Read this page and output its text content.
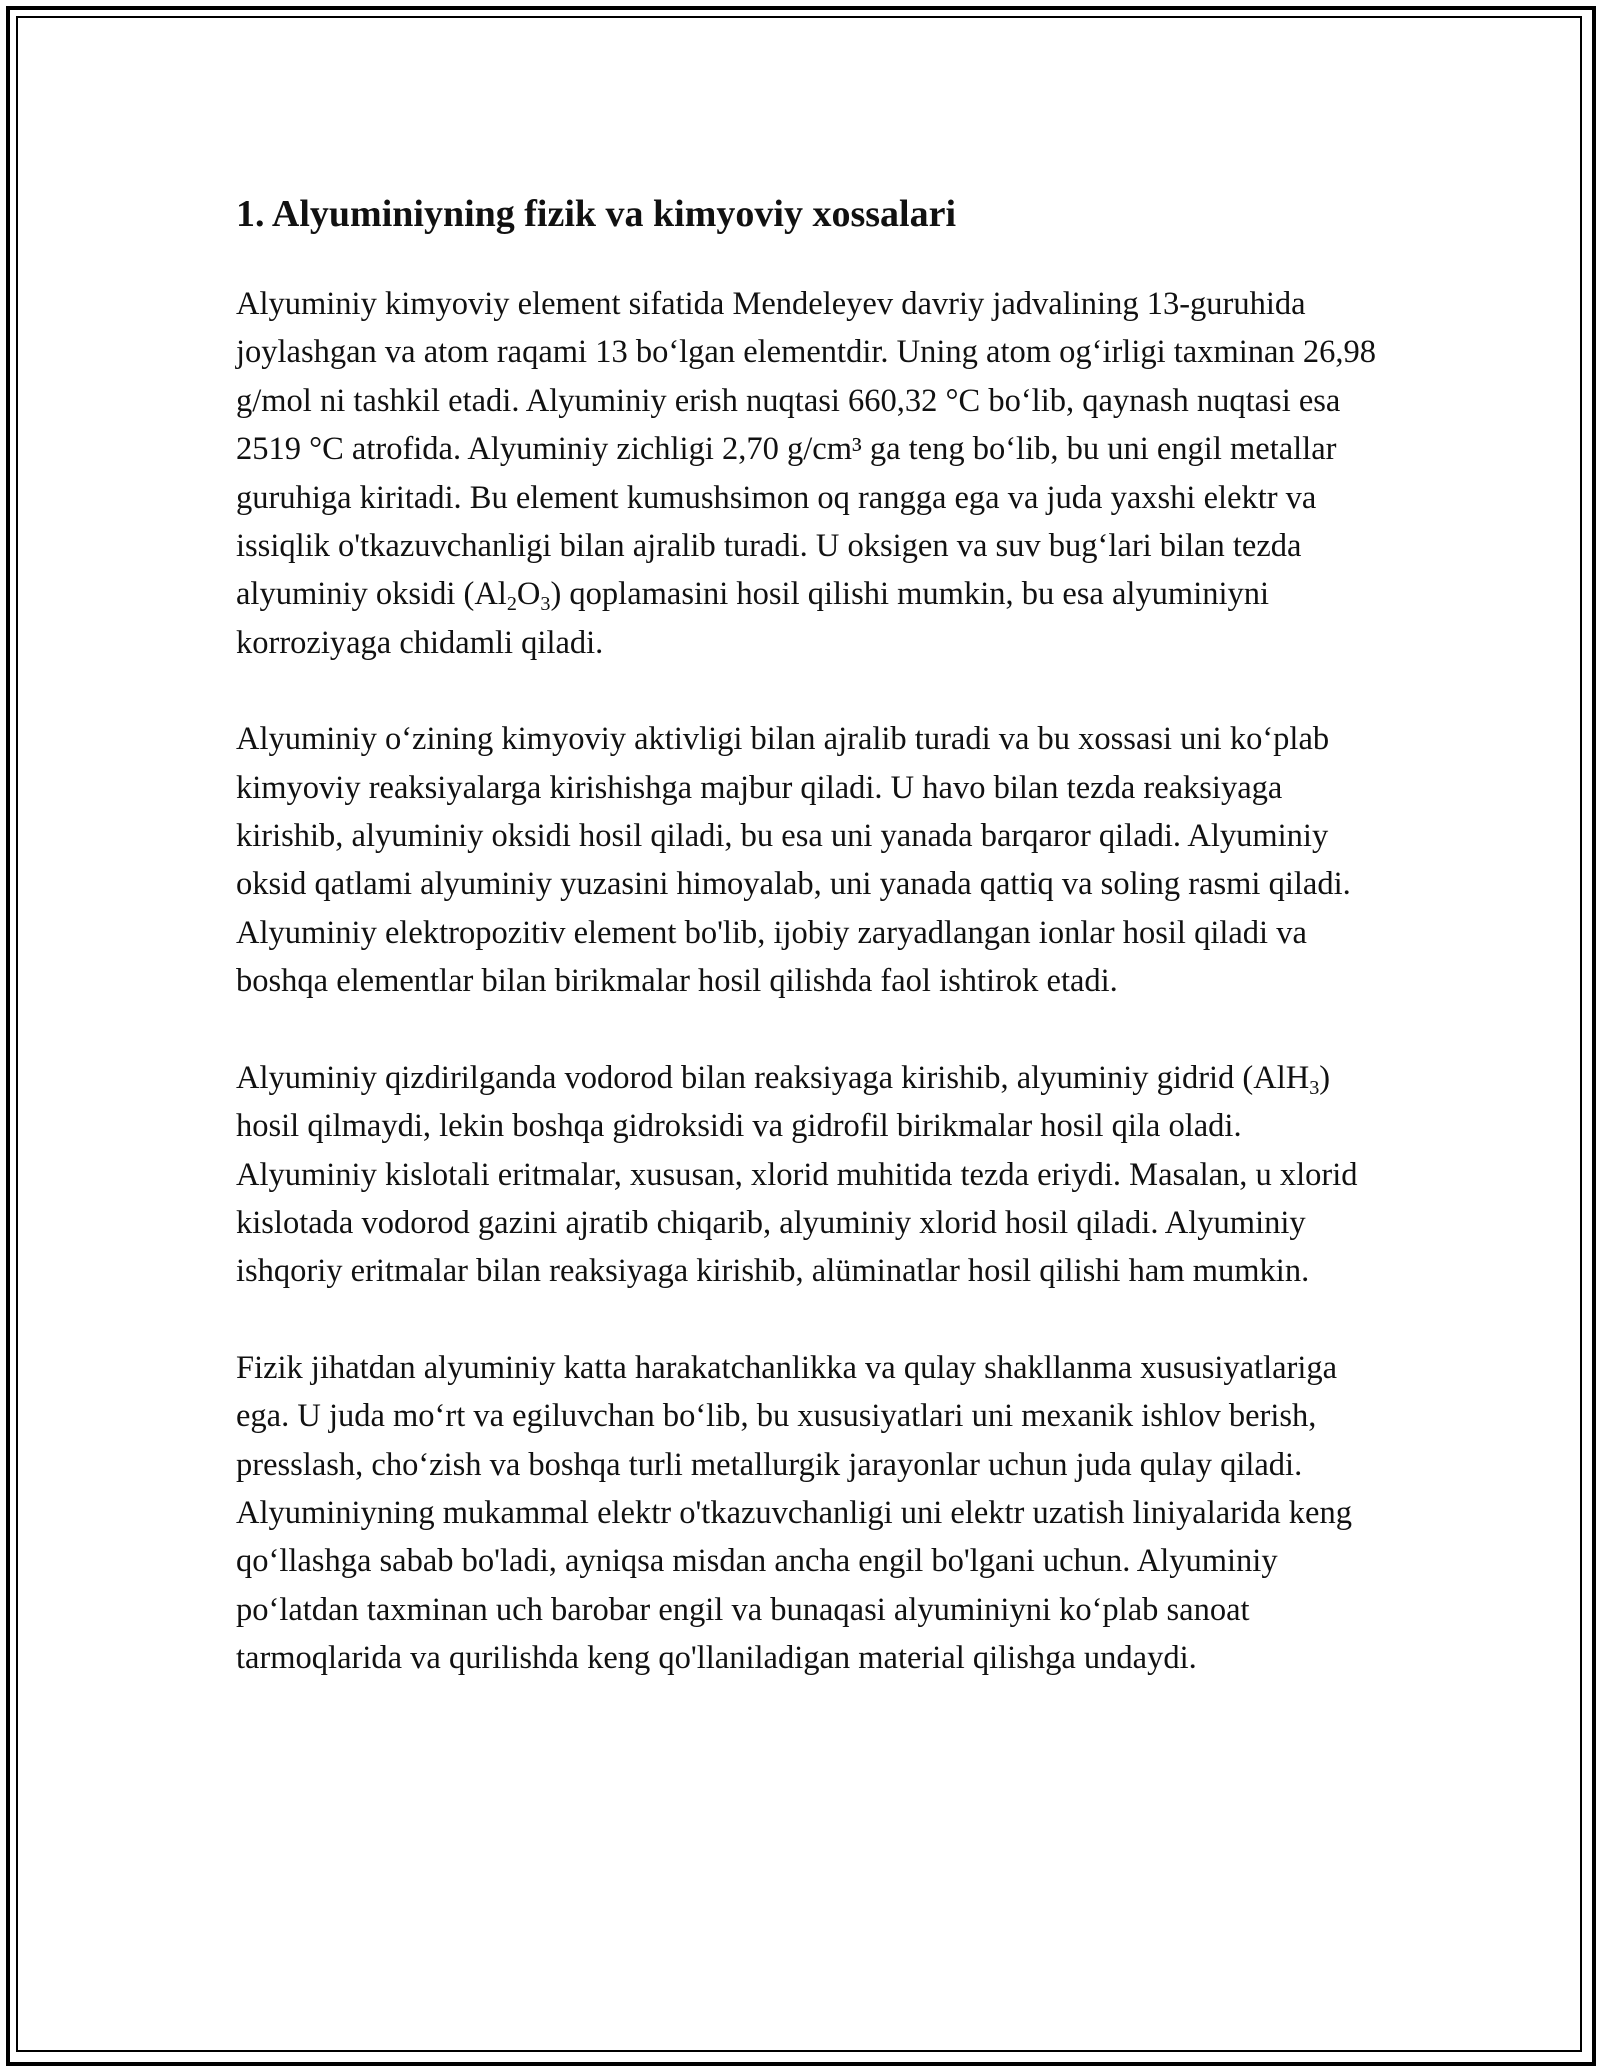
1. Alyuminiyning fizik va kimyoviy xossalari

Alyuminiy kimyoviy element sifatida Mendeleyev davriy jadvalining 13-guruhida joylashgan va atom raqami 13 bo‘lgan elementdir. Uning atom og‘irligi taxminan 26,98 g/mol ni tashkil etadi. Alyuminiy erish nuqtasi 660,32 °C bo‘lib, qaynash nuqtasi esa 2519 °C atrofida. Alyuminiy zichligi 2,70 g/cm³ ga teng bo‘lib, bu uni engil metallar guruhiga kiritadi. Bu element kumushsimon oq rangga ega va juda yaxshi elektr va issiqlik o'tkazuvchanligi bilan ajralib turadi. U oksigen va suv bug‘lari bilan tezda alyuminiy oksidi $(Al_2O_3)$ qoplamasini hosil qilishi mumkin, bu esa alyuminiyni korroziyaga chidamli qiladi.

Alyuminiy o‘zining kimyoviy aktivligi bilan ajralib turadi va bu xossasi uni ko‘plab kimyoviy reaksiyalarga kirishishga majbur qiladi. U havo bilan tezda reaksiyaga kirishib, alyuminiy oksidi hosil qiladi, bu esa uni yanada barqaror qiladi. Alyuminiy oksid qatlami alyuminiy yuzasini himoyalab, uni yanada qattiq va soling rasmi qiladi. Alyuminiy elektropozitiv element bo'lib, ijobiy zaryadlangan ionlar hosil qiladi va boshqa elementlar bilan birikmalar hosil qilishda faol ishtirok etadi.

Alyuminiy qizdirilganda vodorod bilan reaksiyaga kirishib, alyuminiy gidrid (AlH$_3$) hosil qilmaydi, lekin boshqa gidroksidi va gidrofil birikmalar hosil qila oladi. Alyuminiy kislotali eritmalar, xususan, xlorid muhitida tezda eriydi. Masalan, u xlorid kislotada vodorod gazini ajratib chiqarib, alyuminiy xlorid hosil qiladi. Alyuminiy ishqoriy eritmalar bilan reaksiyaga kirishib, alüminatlar hosil qilishi ham mumkin.

Fizik jihatdan alyuminiy katta harakatchanlikka va qulay shakllanma xususiyatlariga ega. U juda mo‘rt va egiluvchan bo‘lib, bu xususiyatlari uni mexanik ishlov berish, presslash, cho‘zish va boshqa turli metallurgik jarayonlar uchun juda qulay qiladi. Alyuminiyning mukammal elektr o'tkazuvchanligi uni elektr uzatish liniyalarida keng qo‘llashga sabab bo'ladi, ayniqsa misdan ancha engil bo'lgani uchun. Alyuminiy po‘latdan taxminan uch barobar engil va bunaqasi alyuminiyni ko‘plab sanoat tarmoqlarida va qurilishda keng qo'llaniladigan material qilishga undaydi.
